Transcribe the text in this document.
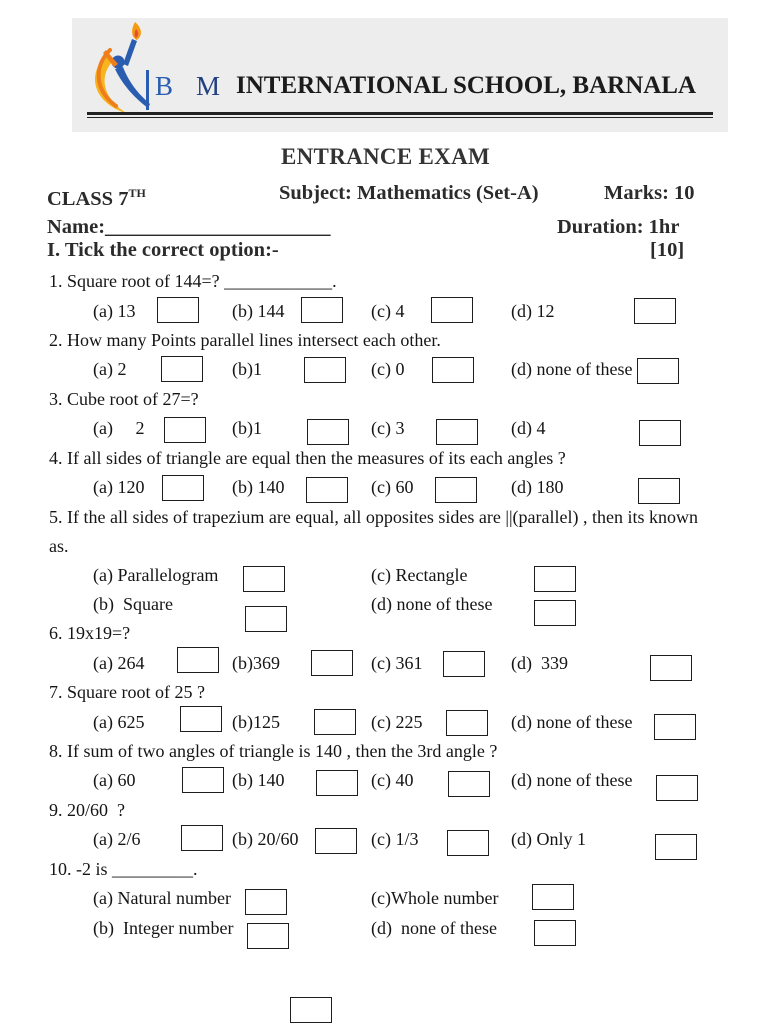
B M INTERNATIONAL SCHOOL, BARNALA
ENTRANCE EXAM
CLASS 7TH	Subject: Mathematics (Set-A)	Marks: 10
Name:______________________	Duration: 1hr
I. Tick the correct option:-	[10]
1. Square root of 144=? ____________.
(a) 13	(b) 144	(c) 4	(d) 12
2. How many Points parallel lines intersect each other.
(a) 2	(b)1	(c) 0	(d) none of these
3. Cube root of 27=?
(a)     2	(b)1	(c) 3	(d) 4
4. If all sides of triangle are equal then the measures of its each angles ?
(a) 120	(b) 140	(c) 60	(d) 180
5. If the all sides of trapezium are equal, all opposites sides are ||(parallel) , then its known
as.
(a) Parallelogram
(b)  Square
(c) Rectangle
(d) none of these
6. 19x19=?
(a) 264	(b)369	(c) 361	(d)  339
7. Square root of 25 ?
(a) 625	(b)125	(c) 225	(d) none of these
8. If sum of two angles of triangle is 140 , then the 3rd angle ?
(a) 60	(b) 140	(c) 40	(d) none of these
9. 20/60  ?
(a) 2/6	(b) 20/60	(c) 1/3	(d) Only 1
10. -2 is _________.
(a) Natural number
(b)  Integer number
(c)Whole number
(d)  none of these
